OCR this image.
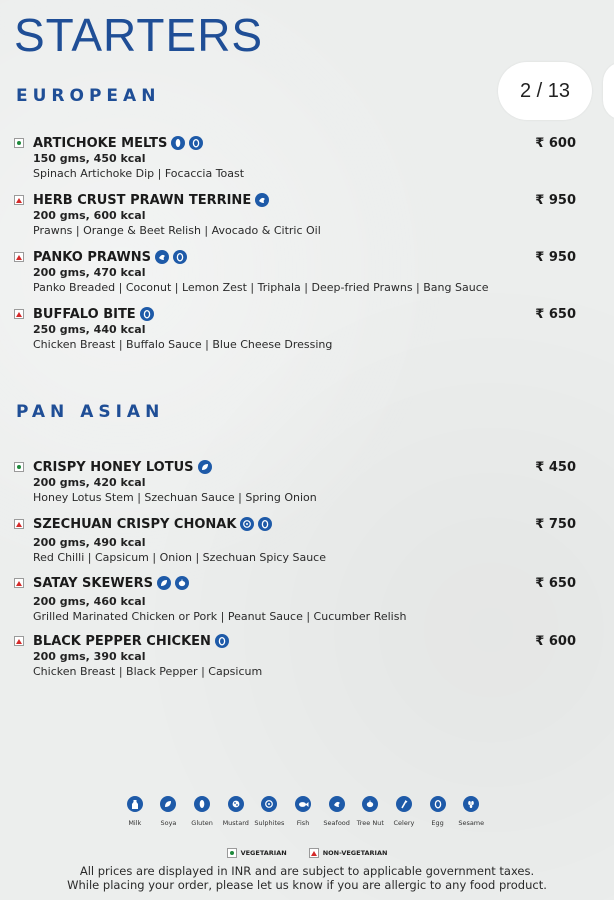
STARTERS
2 / 13
EUROPEAN
ARTICHOKE MELTS	₹ 600
150 gms, 450 kcal
Spinach Artichoke Dip | Focaccia Toast
HERB CRUST PRAWN TERRINE	₹ 950
200 gms, 600 kcal
Prawns | Orange & Beet Relish | Avocado & Citric Oil
PANKO PRAWNS	₹ 950
200 gms, 470 kcal
Panko Breaded | Coconut | Lemon Zest | Triphala | Deep-fried Prawns | Bang Sauce
BUFFALO BITE	₹ 650
250 gms, 440 kcal
Chicken Breast | Buffalo Sauce | Blue Cheese Dressing
PAN ASIAN
CRISPY HONEY LOTUS	₹ 450
200 gms, 420 kcal
Honey Lotus Stem | Szechuan Sauce | Spring Onion
SZECHUAN CRISPY CHONAK	₹ 750
200 gms, 490 kcal
Red Chilli | Capsicum | Onion | Szechuan Spicy Sauce
SATAY SKEWERS	₹ 650
200 gms, 460 kcal
Grilled Marinated Chicken or Pork | Peanut Sauce | Cucumber Relish
BLACK PEPPER CHICKEN	₹ 600
200 gms, 390 kcal
Chicken Breast | Black Pepper | Capsicum
Milk	Soya Gluten Mustard Sulphites Fish Seafood Tree Nut Celery	Egg Sesame
VEGETARIAN	NON-VEGETARIAN
All prices are displayed in INR and are subject to applicable government taxes.
While placing your order, please let us know if you are allergic to any food product.
